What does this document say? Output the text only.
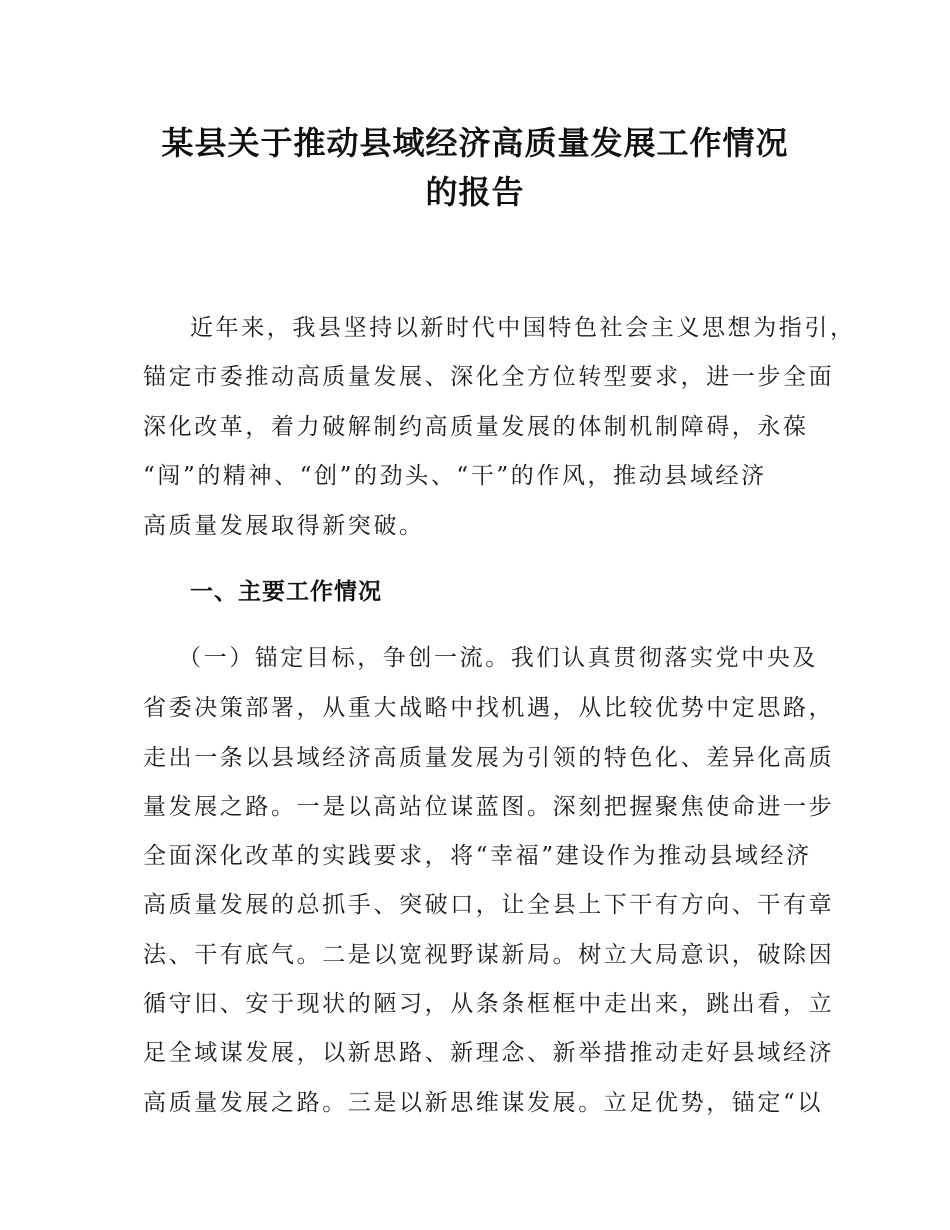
某县关于推动县域经济高质量发展工作情况
的报告
近年来，我县坚持以新时代中国特色社会主义思想为指引，
锚定市委推动高质量发展、深化全方位转型要求，进一步全面
深化改革，着力破解制约高质量发展的体制机制障碍，永葆
“闯”的精神、“创”的劲头、“干”的作风，推动县域经济
高质量发展取得新突破。
一、主要工作情况
（一）锚定目标，争创一流。我们认真贯彻落实党中央及
省委决策部署，从重大战略中找机遇，从比较优势中定思路，
走出一条以县域经济高质量发展为引领的特色化、差异化高质
量发展之路。一是以高站位谋蓝图。深刻把握聚焦使命进一步
全面深化改革的实践要求，将“幸福”建设作为推动县域经济
高质量发展的总抓手、突破口，让全县上下干有方向、干有章
法、干有底气。二是以宽视野谋新局。树立大局意识，破除因
循守旧、安于现状的陋习，从条条框框中走出来，跳出看，立
足全域谋发展，以新思路、新理念、新举措推动走好县域经济
高质量发展之路。三是以新思维谋发展。立足优势，锚定“以
